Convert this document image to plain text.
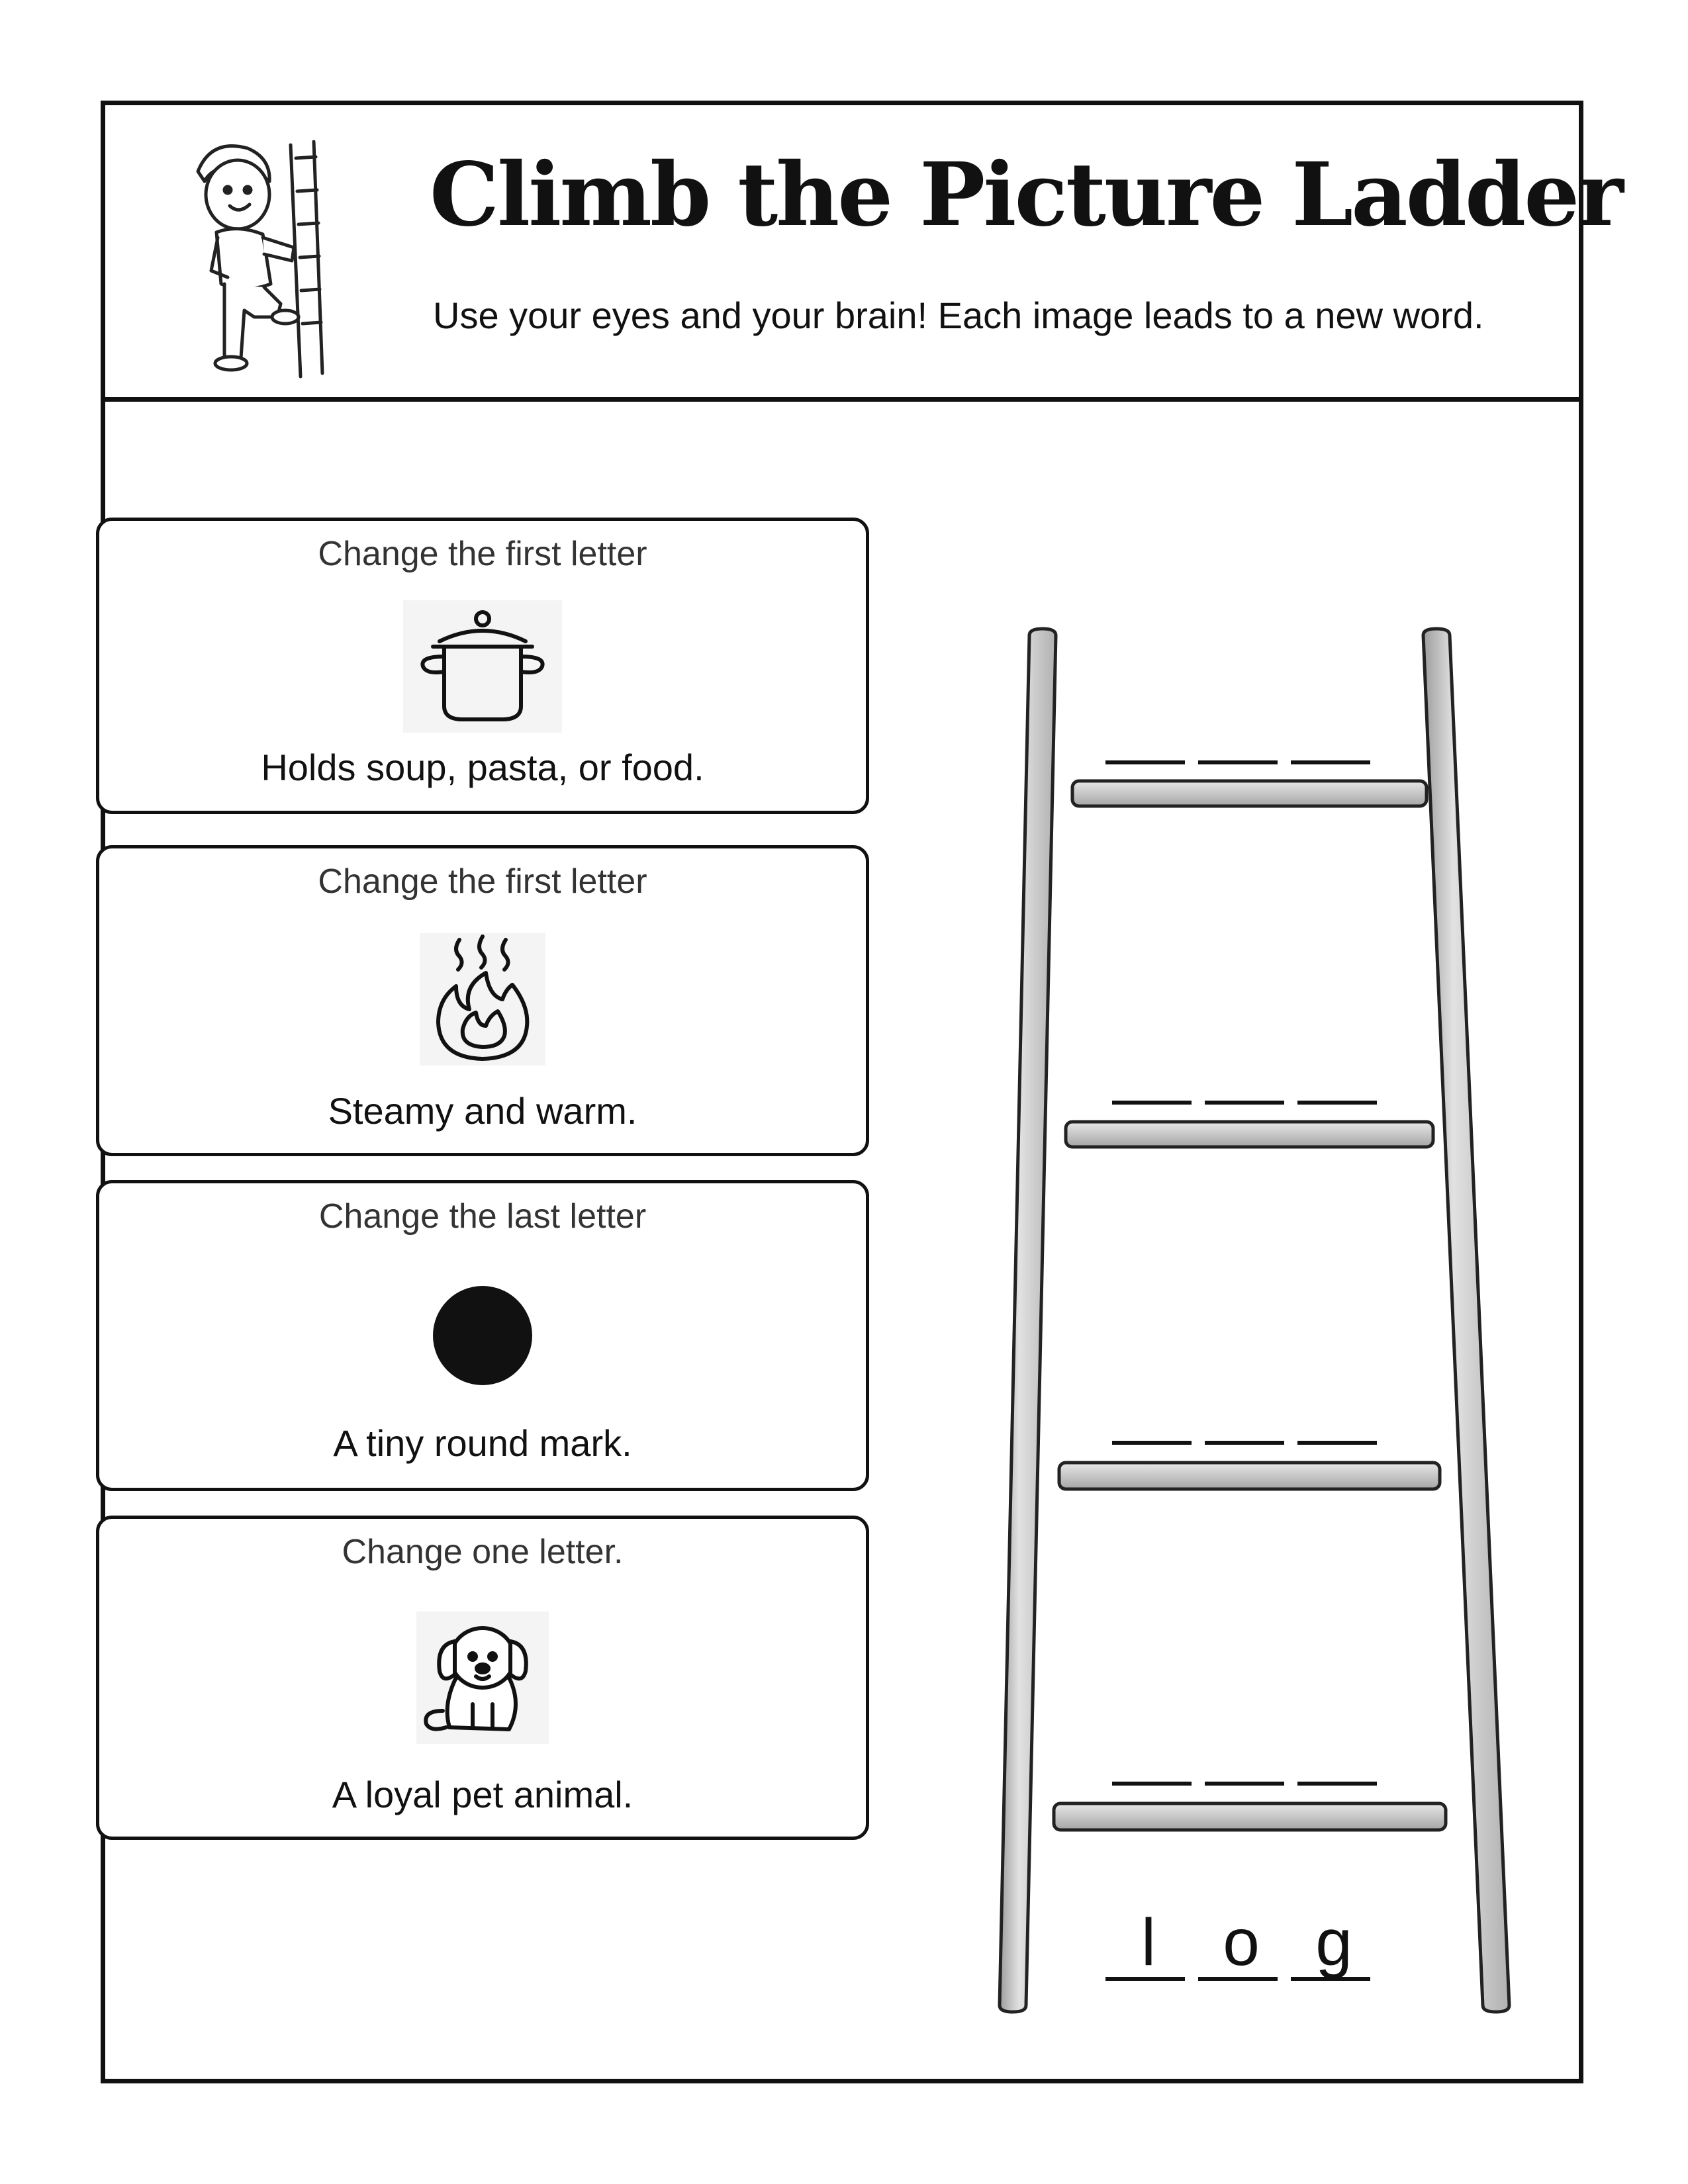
Climb the Picture Ladder

Use your eyes and your brain! Each image leads to a new word.

Change the first letter

Holds soup, pasta, or food.

Change the first letter

Steamy and warm.

Change the last letter

A tiny round mark.

Change one letter.

A loyal pet animal.

l	o g
